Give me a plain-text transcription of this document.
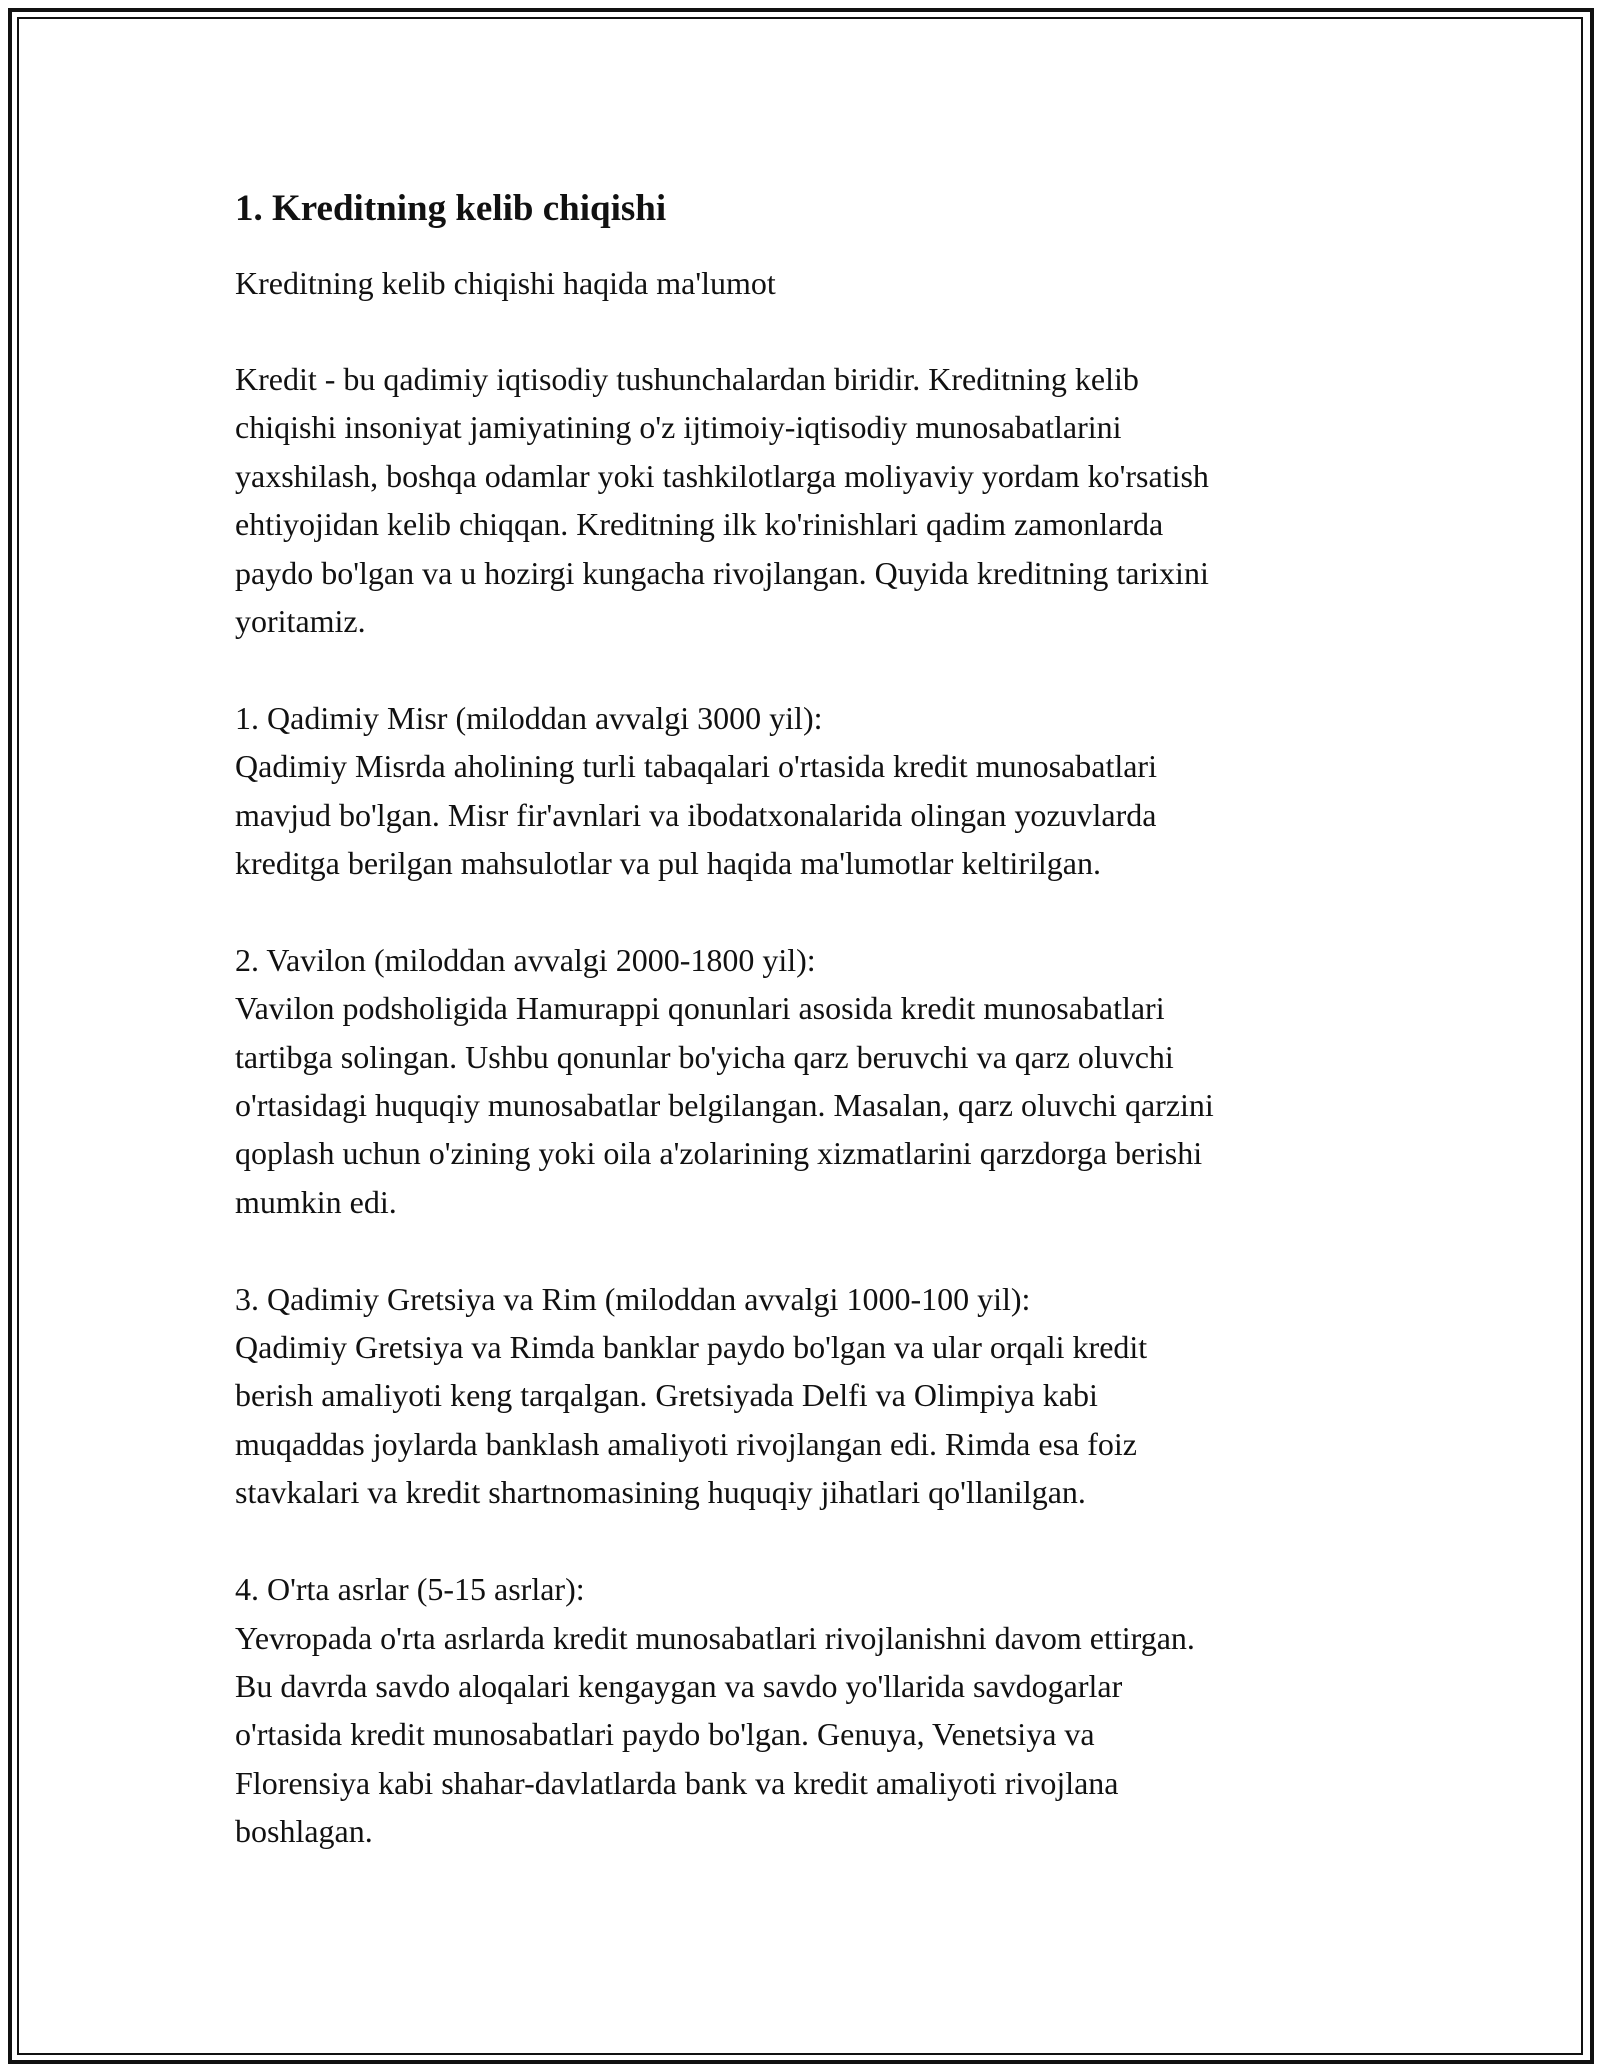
1. Kreditning kelib chiqishi
Kreditning kelib chiqishi haqida ma'lumot
Kredit - bu qadimiy iqtisodiy tushunchalardan biridir. Kreditning kelib
chiqishi insoniyat jamiyatining o'z ijtimoiy-iqtisodiy munosabatlarini
yaxshilash, boshqa odamlar yoki tashkilotlarga moliyaviy yordam ko'rsatish
ehtiyojidan kelib chiqqan. Kreditning ilk ko'rinishlari qadim zamonlarda
paydo bo'lgan va u hozirgi kungacha rivojlangan. Quyida kreditning tarixini
yoritamiz.
1. Qadimiy Misr (miloddan avvalgi 3000 yil):
Qadimiy Misrda aholining turli tabaqalari o'rtasida kredit munosabatlari
mavjud bo'lgan. Misr fir'avnlari va ibodatxonalarida olingan yozuvlarda
kreditga berilgan mahsulotlar va pul haqida ma'lumotlar keltirilgan.
2. Vavilon (miloddan avvalgi 2000-1800 yil):
Vavilon podsholigida Hamurappi qonunlari asosida kredit munosabatlari
tartibga solingan. Ushbu qonunlar bo'yicha qarz beruvchi va qarz oluvchi
o'rtasidagi huquqiy munosabatlar belgilangan. Masalan, qarz oluvchi qarzini
qoplash uchun o'zining yoki oila a'zolarining xizmatlarini qarzdorga berishi
mumkin edi.
3. Qadimiy Gretsiya va Rim (miloddan avvalgi 1000-100 yil):
Qadimiy Gretsiya va Rimda banklar paydo bo'lgan va ular orqali kredit
berish amaliyoti keng tarqalgan. Gretsiyada Delfi va Olimpiya kabi
muqaddas joylarda banklash amaliyoti rivojlangan edi. Rimda esa foiz
stavkalari va kredit shartnomasining huquqiy jihatlari qo'llanilgan.
4. O'rta asrlar (5-15 asrlar):
Yevropada o'rta asrlarda kredit munosabatlari rivojlanishni davom ettirgan.
Bu davrda savdo aloqalari kengaygan va savdo yo'llarida savdogarlar
o'rtasida kredit munosabatlari paydo bo'lgan. Genuya, Venetsiya va
Florensiya kabi shahar-davlatlarda bank va kredit amaliyoti rivojlana
boshlagan.
